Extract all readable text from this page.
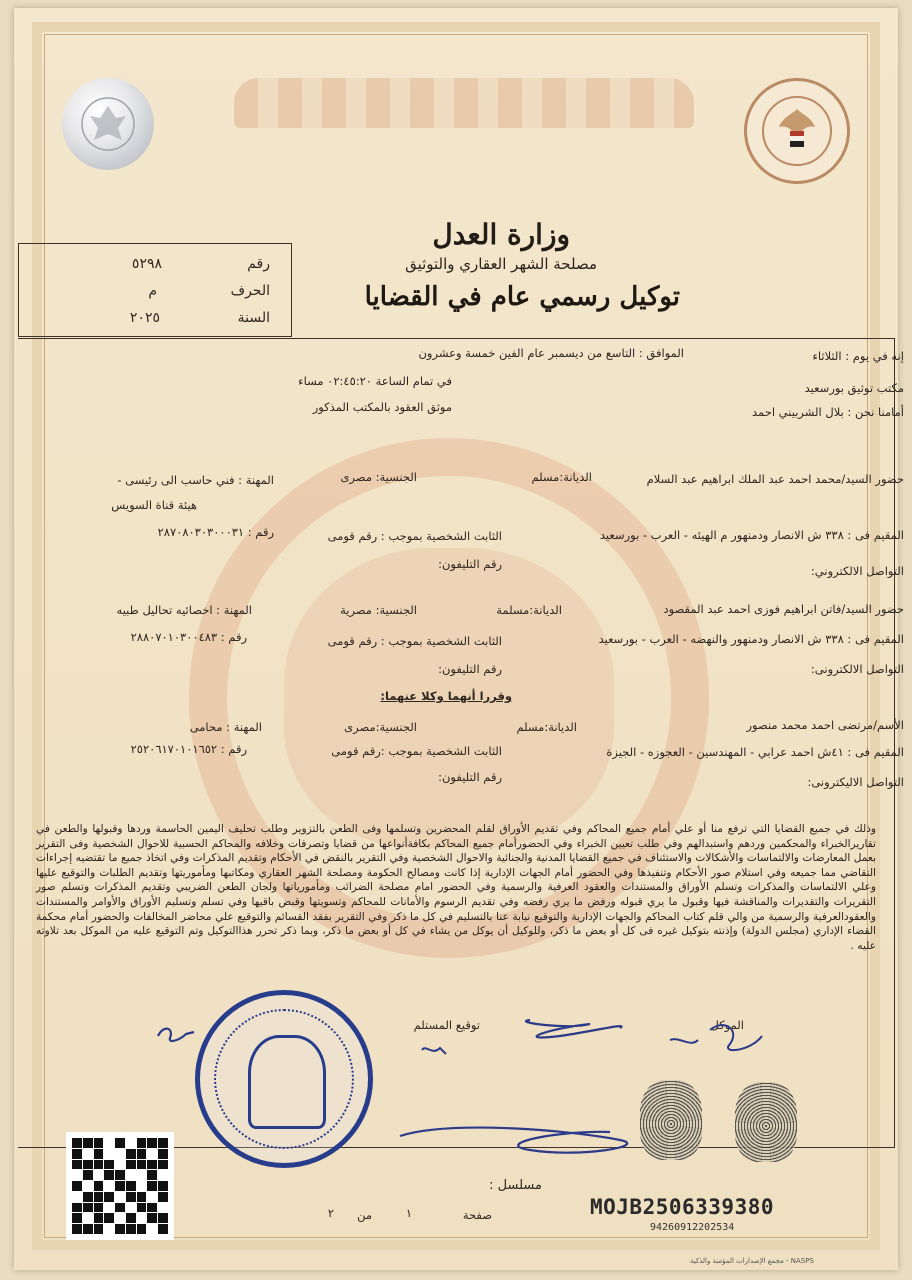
وزارة العدل
مصلحة الشهر العقاري والتوثيق
توكيل رسمي عام في القضايا
رقم
٥٢٩٨
الحرف
م
السنة
٢٠٢٥
إنه في يوم : الثلاثاء
الموافق : التاسع من ديسمبر عام الفين خمسة وعشرون
في تمام الساعة ٠٢:٤٥:٢٠ مساء	مكتب توثيق بورسعيد
أمامنا نحن : بلال الشربيني احمد
موثق العقود بالمكتب المذكور
حضور السيد/محمد احمد عبد الملك ابراهيم عبد السلام
الديانة:مسلم
الجنسية: مصرى
المهنة : فني حاسب الى رئيسى -
هيئة قناة السويس
المقيم فى : ٣٣٨ ش الانصار ودمنهور م الهيئه - العرب - بورسعيد
الثابت الشخصية بموجب : رقم قومى
رقم : ٢٨٧٠٨٠٣٠٣٠٠٠٣١
التواصل الالكتروني:
رقم التليفون:
حضور السيد/فاتن ابراهيم فوزى احمد عبد المقصود
الديانة:مسلمة
الجنسية: مصرية
المهنة : اخصائيه تحاليل طبيه
المقيم فى : ٣٣٨ ش الانصار ودمنهور والنهضه - العرب - بورسعيد
الثابت الشخصية بموجب : رقم قومى
رقم : ٢٨٨٠٧٠١٠٣٠٠٤٨٣
رقم التليفون:	التواصل الالكترونى:
وقررا أنهما وكلا عنهما:
الأسم/مرتضى احمد محمد منصور
الديانة:مسلم
الجنسية:مصرى
المهنة : محامى
المقيم فى : ٤١ش احمد عرابي - المهندسين - العجوزه - الجيزة
الثابت الشخصية بموجب :رقم قومى
رقم : ٢٥٢٠٦١٧٠١٠١٦٥٢
رقم التليفون:	التواصل الاليكترونى:
وذلك في جميع القضايا التي ترفع منا أو علي أمام جميع المحاكم وفي تقديم الأوراق لقلم المحضرين وتسلمها وفى الطعن بالتزوير وطلب تحليف اليمين الحاسمة وردها وقبولها والطعن في تقاريرالخبراء والمحكمين وردهم واستبدالهم وفي طلب تعيين الخبراء وفي الحضورأمام جميع المحاكم بكافةأنواعها من قضايا وتصرفات وخلافه والمحاكم الحسبية للاحوال الشخصية وفى التقرير بعمل المعارضات والالتماسات والأشكالات والاستئناف في جميع القضايا المدنية والجنائية والاحوال الشخصية وفي التقرير بالنقض في الأحكام وتقديم المذكرات وفي اتخاذ جميع ما تقتضيه إجراءات التقاضي مما جميعه وفي استلام صور الأحكام وتنفيذها وفي الحضور أمام الجهات الإدارية إذا كانت ومصالح الحكومة ومصلحة الشهر العقاري ومكاتبها ومأموريتها وتقديم الطلبات والتوقيع عليها وعلي الالتماسات والمذكرات وتسلم الأوراق والمستندات والعقود العرفية والرسمية وفي الحضور امام مصلحة الضرائب ومأمورياتها ولجان الطعن الضريبي وتقديم المذكرات وتسلم صور التقريرات والتقديرات والمناقشة فيها وقبول ما يري قبوله ورفض ما يري رفضه وفي تقديم الرسوم والأمانات للمحاكم وتسويتها وقبض باقيها وفي تسلم وتسليم الأوراق والأوامر والمستندات والعقودالعرفية والرسمية من والي قلم كتاب المحاكم والجهات الإدارية والتوقيع نيابة عنا بالتسليم في كل ما ذكر وفي التقرير بفقد القسائم والتوقيع علي محاضر المخالفات والحضور أمام محكمة القضاء الإداري (مجلس الدولة) وإذنته بتوكيل غيره فى كل أو بعض ما ذكر، وللوكيل أن يوكل من يشاء في كل أو بعض ما ذكر، وبما ذكر تحرر هذاالتوكيل وتم التوقيع عليه من الموكل بعد تلاوته عليه .
توقيع المستلم	الموكل
مسلسل :
صفحة
١
من
٢	MOJB2506339380
94260912202534
مجمع الإصدارات المؤمنة والذكية - NASPS
